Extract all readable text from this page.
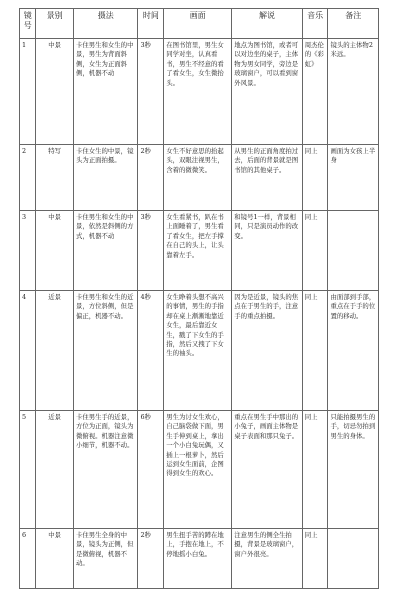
镜号	景别	摄法	时间	画面	解说	音乐	备注
1	中景	卡住男生和女生的中景，男生为背面斜侧，女生为正面斜侧，机器不动	3秒	在图书馆里，男生女同学对坐，认真看书，男生不经意的看了看女生，女生微抬头。	地点为图书馆，或者可以对边坐的桌子，主体物为男女同学，旁边是玻璃窗户，可以看到窗外风景。	周杰伦的《彩虹》	镜头的主体物2米远。
2	特写	卡住女生的中景，镜头为正面拍摄。	2秒	女生不好意思的抬起头，双眼注视男生，含着的微微笑。	从男生的正面角度拍过去，后面的背景就是图书馆的其他桌子。	同上	画面为女孩上半身
3	中景	卡住男生和女生的中景，依然是斜侧的方式，机器不动	3秒	女生看紧书，趴在书上面睡着了，男生看了看女生，把左手撑在自己的头上，让头靠着左手。	和镜号1一样，背景相同，只是演员动作的改变。	同上	
4	近景	卡住男生和女生的近景，方位斜侧，但是偏正，机器不动。	4秒	女生睁着头想不高兴的事情，男生的手指却在桌上漸漸地靠近女生，最后靠近女生，戳了下女生的手指，然后又拽了下女生的袖头。	因为是近景，镜头的焦点在于男生的手，注意手的重点拍摄。	同上	由面部到手部，重点在于手的位置的移动。
5	近景	卡住男生手的近景，方位为正面，镜头为微俯视。机器注意微小细节，机器不动。	6秒	男生为讨女生欢心，自己脑袋做下面，男生手伸到桌上，拿出一个小白兔玩偶，又插上一根萝卜，然后运到女生面前，企图得到女生的欢心。	重点在男生手中那出的小兔子，画面主体物是桌子表面和那只兔子。	同上	只能拍摄男生的手，切忌勿拍到男生的身体。
6	中景	卡住男生全身的中景，镜头为正侧，但是微俯视，机器不动。	2秒	男生扭手苦的蹲在地上，手抱在地上，不停地摇小白兔。	注意男生的侧全生拍摄，背景是玻璃窗户，窗户外很亮。	同上	
